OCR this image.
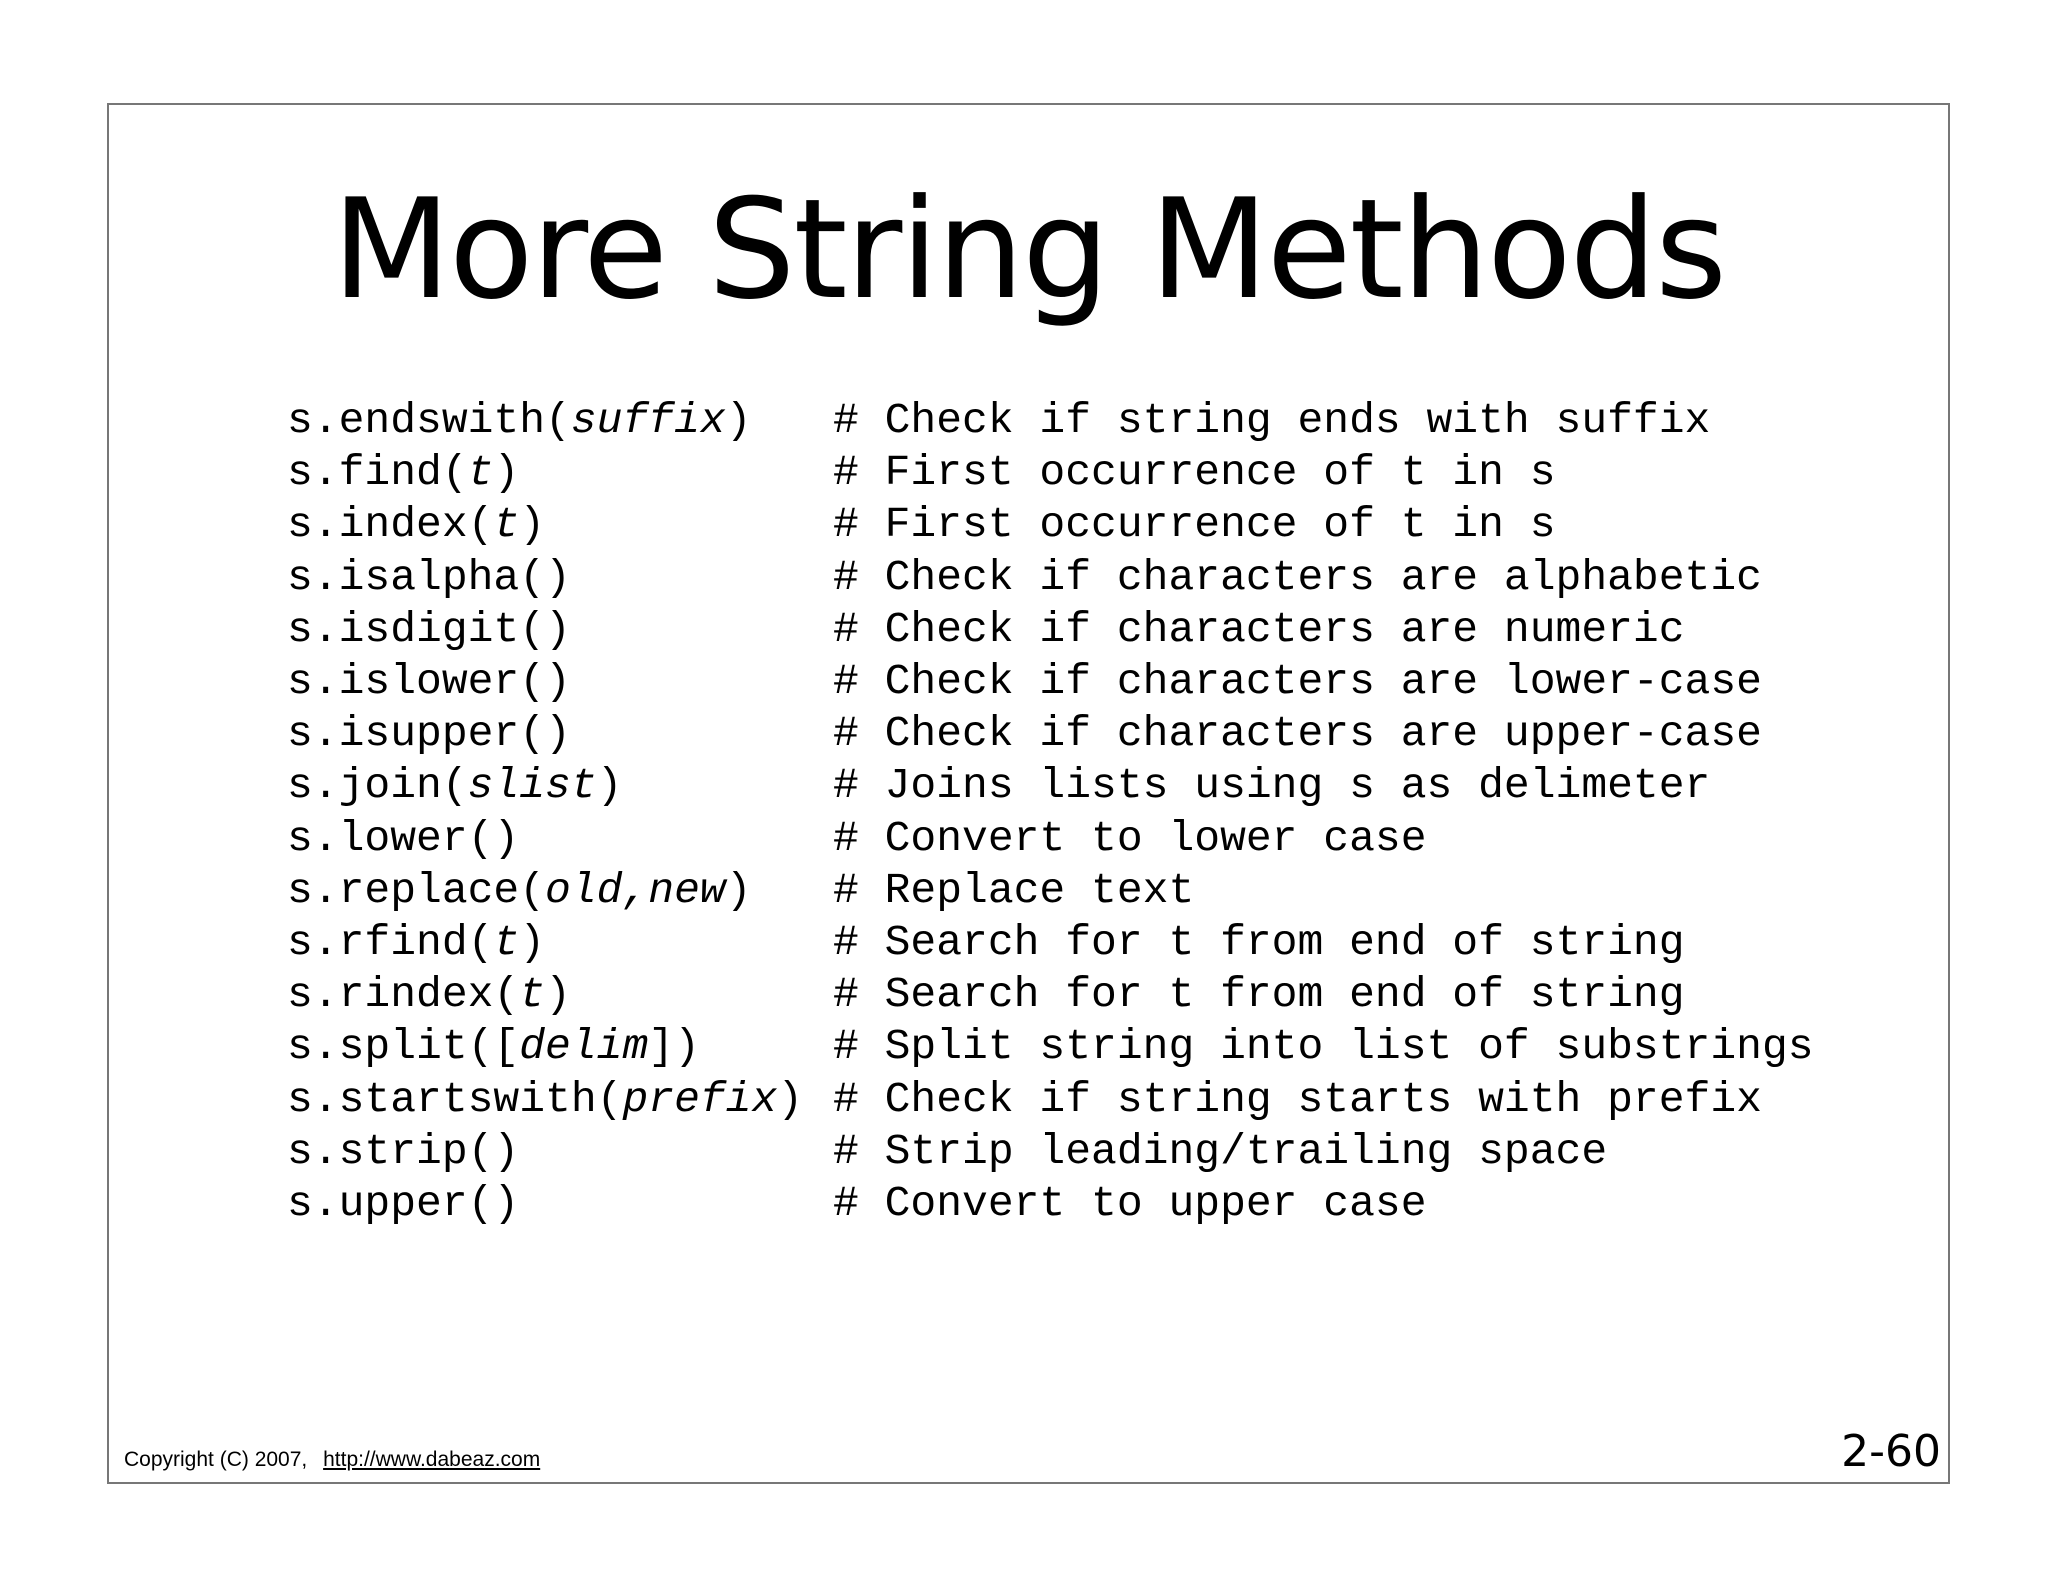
More String Methods
s.endswith(suffix)	# Check if string ends with suffix
s.find(t)	# First occurrence of t in s
s.index(t)	# First occurrence of t in s
s.isalpha()	# Check if characters are alphabetic
s.isdigit()	# Check if characters are numeric
s.islower()	# Check if characters are lower-case
s.isupper()	# Check if characters are upper-case
s.join(slist)	# Joins lists using s as delimeter
s.lower()	# Convert to lower case
s.replace(old,new)	# Replace text
s.rfind(t)	# Search for t from end of string
s.rindex(t)	# Search for t from end of string
s.split([delim])	# Split string into list of substrings
s.startswith(prefix)	# Check if string starts with prefix
s.strip()	# Strip leading/trailing space
s.upper()	# Convert to upper case
Copyright (C) 2007, http://www.dabeaz.com	2-60
